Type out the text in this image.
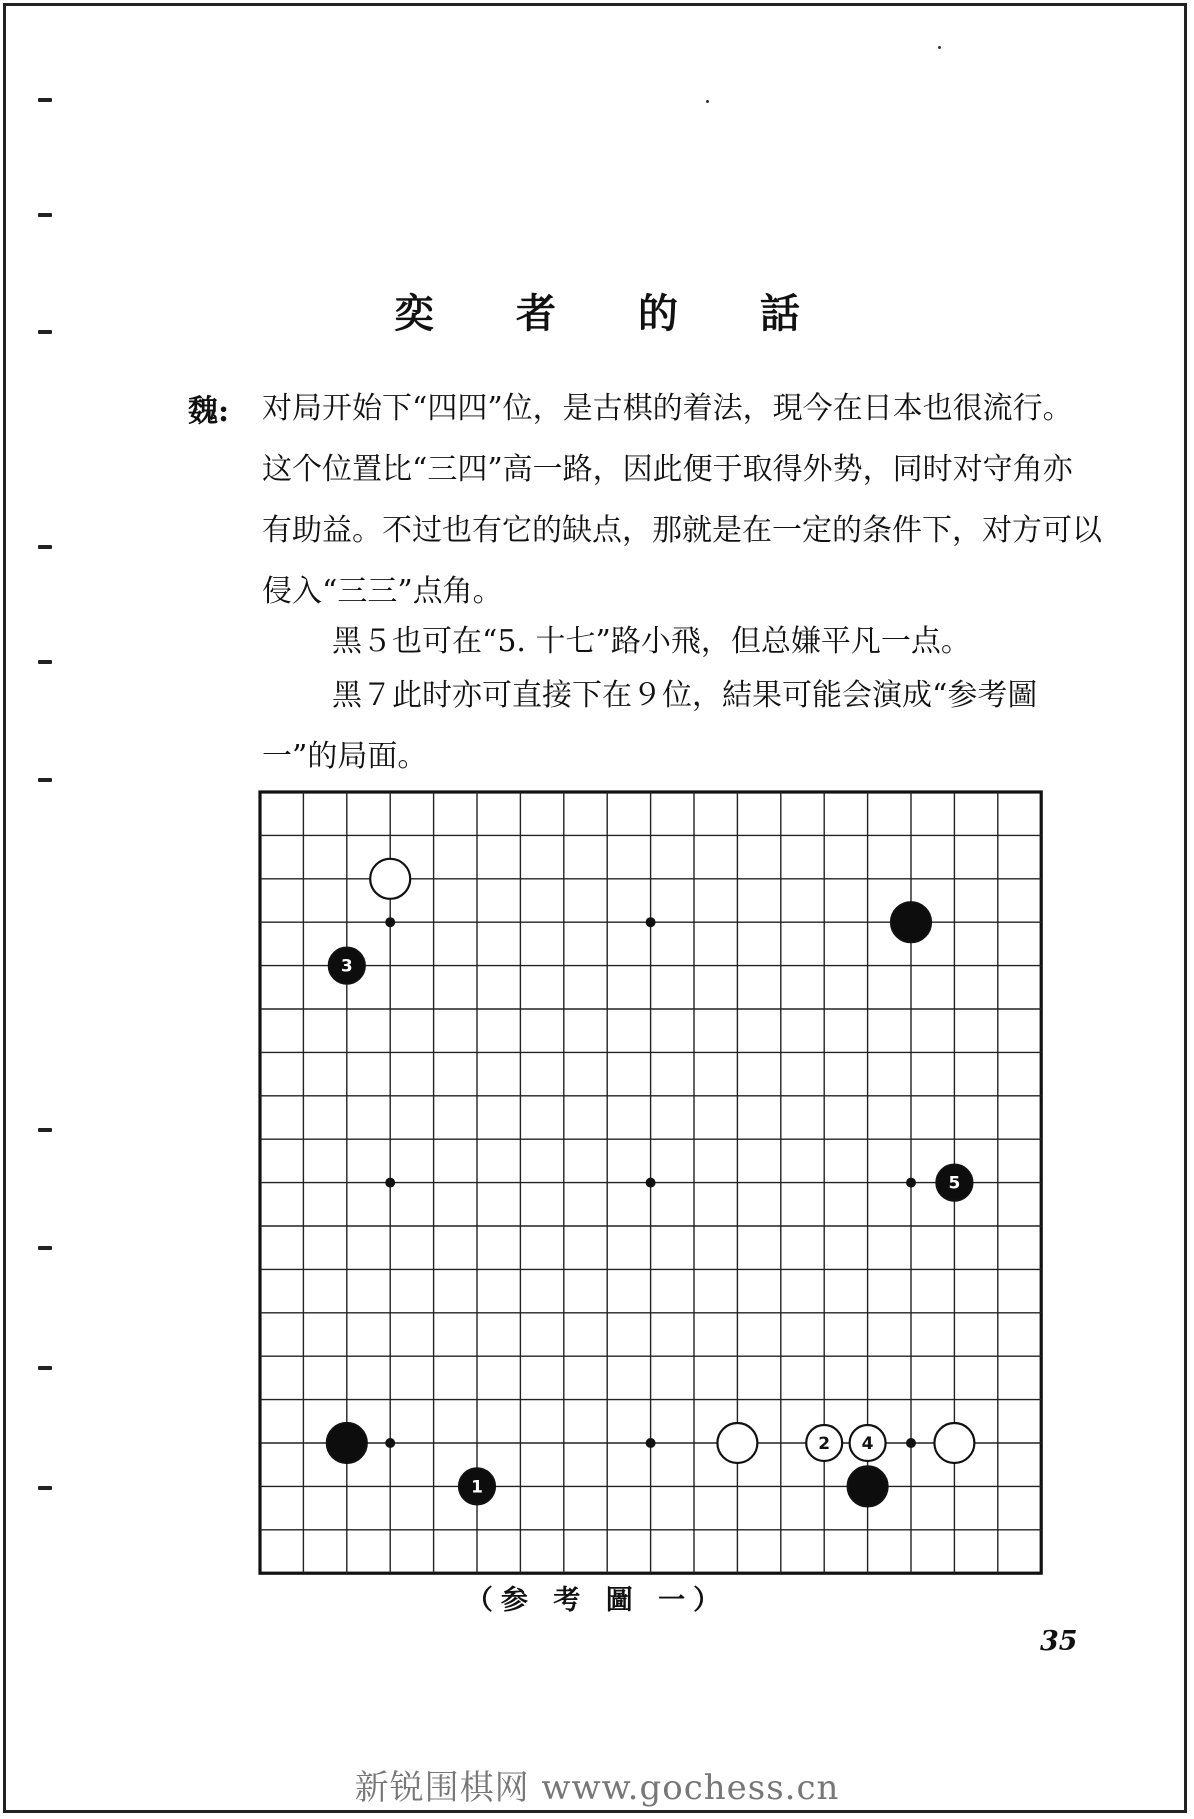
奕 者 的 話
魏: 对局开始下“四四”位，是古棋的着法，現今在日本也很流行。这个位置比“三四”高一路，因此便于取得外势，同时对守角亦有助益。不过也有它的缺点，那就是在一定的条件下，对方可以侵入“三三”点角。
黑５也可在“5. 十七”路小飛，但总嫌平凡一点。
黑７此时亦可直接下在９位，結果可能会演成“参考圖一”的局面。
3
5
2 4
1
（参 考 圖 一）
35
新锐围棋网 www.gochess.cn
